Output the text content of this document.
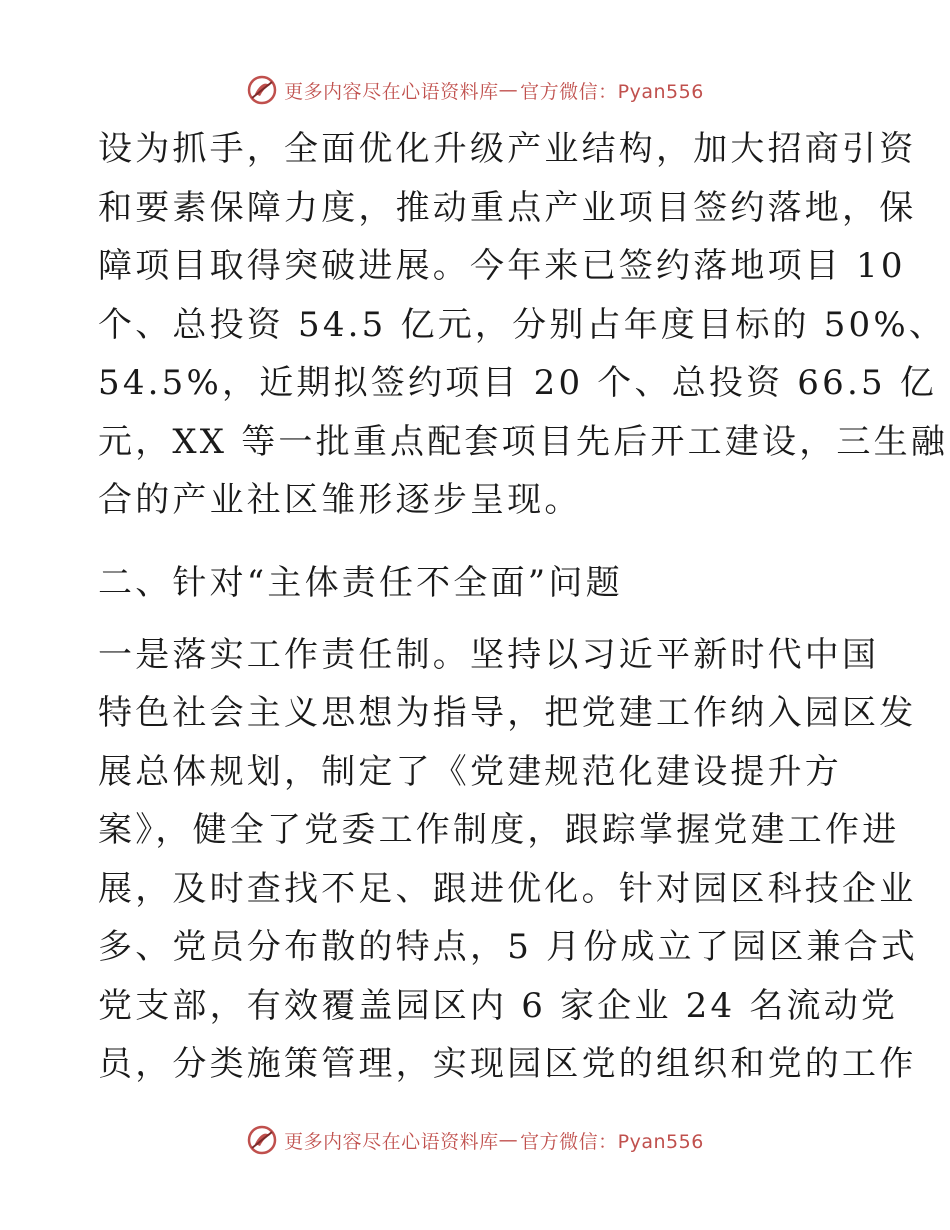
更多内容尽在心语资料库 — 官方微信：Pyan556
设为抓手，全面优化升级产业结构，加大招商引资
和要素保障力度，推动重点产业项目签约落地，保
障项目取得突破进展。今年来已签约落地项目 10
个、总投资 54.5 亿元，分别占年度目标的 50%、
54.5%，近期拟签约项目 20 个、总投资 66.5 亿
元，XX 等一批重点配套项目先后开工建设，三生融
合的产业社区雏形逐步呈现。
二、针对“主体责任不全面”问题
一是落实工作责任制。坚持以习近平新时代中国
特色社会主义思想为指导，把党建工作纳入园区发
展总体规划，制定了《党建规范化建设提升方
案》，健全了党委工作制度，跟踪掌握党建工作进
展，及时查找不足、跟进优化。针对园区科技企业
多、党员分布散的特点，5 月份成立了园区兼合式
党支部，有效覆盖园区内 6 家企业 24 名流动党
员，分类施策管理，实现园区党的组织和党的工作
更多内容尽在心语资料库 — 官方微信：Pyan556
